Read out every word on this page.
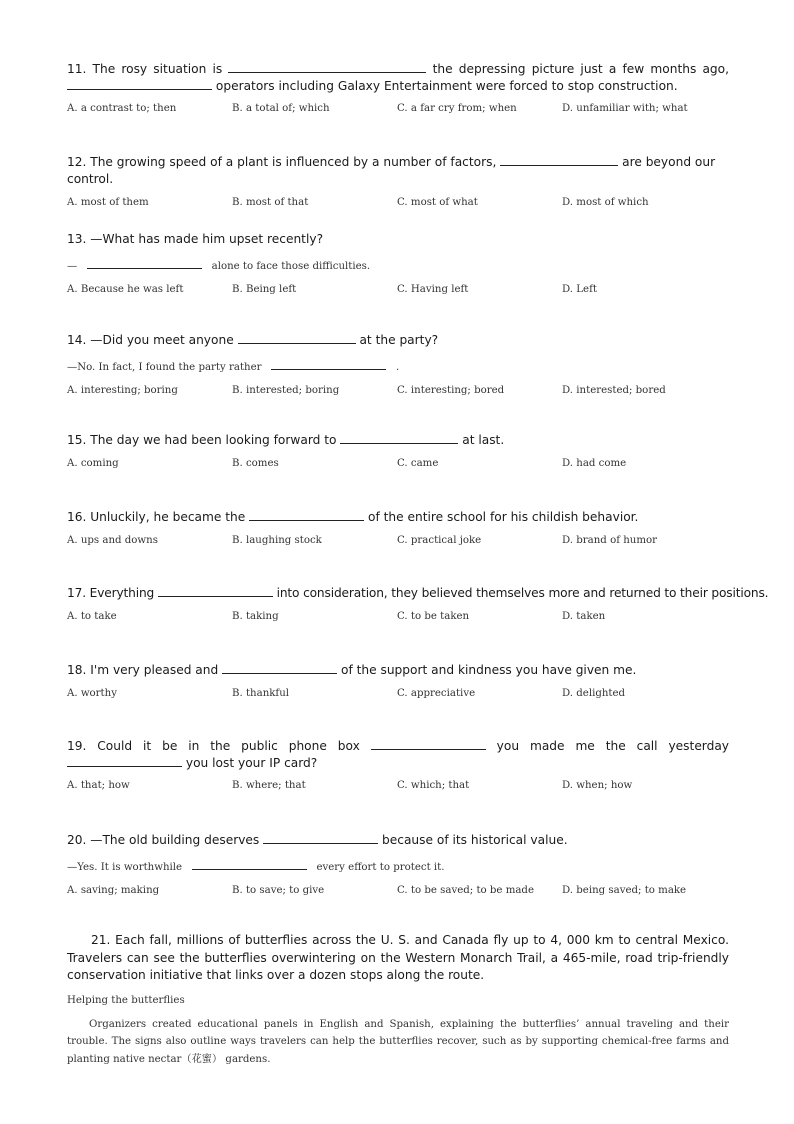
11. The rosy situation is	the depressing picture just a few months ago,  operators including Galaxy Entertainment were forced to stop construction.

A. a contrast to; then	B. a total of; which	C. a far cry from; when	D. unfamiliar with; what

12. The growing speed of a plant is influenced by a number of factors,	are beyond our control.

A. most of them	B. most of that	C. most of what	D. most of which

13. —What has made him upset recently?

—	alone to face those difficulties.

A. Because he was left	B. Being left	C. Having left	D. Left

14. —Did you meet anyone	at the party?

—No. In fact, I found the party rather	.

A. interesting; boring	B. interested; boring	C. interesting; bored	D. interested; bored

15. The day we had been looking forward to	at last.

A. coming	B. comes	C. came	D. had come

16. Unluckily, he became the	of the entire school for his childish behavior.

A. ups and downs	B. laughing stock	C. practical joke	D. brand of humor

17. Everything	into consideration, they believed themselves more and returned to their positions.

A. to take	B. taking	C. to be taken	D. taken

18. I'm very pleased and	of the support and kindness you have given me.

A. worthy	B. thankful	C. appreciative	D. delighted

19. Could it be in the public phone box	you made me the call yesterday  you lost your IP card?

A. that; how	B. where; that	C. which; that	D. when; how

20. —The old building deserves	because of its historical value.

—Yes. It is worthwhile	every effort to protect it.

A. saving; making	B. to save; to give	C. to be saved; to be made	D. being saved; to make

21. Each fall, millions of butterflies across the U. S. and Canada fly up to 4, 000 km to central Mexico. Travelers can see the butterflies overwintering on the Western Monarch Trail, a 465-mile, road trip-friendly conservation initiative that links over a dozen stops along the route.

Helping the butterflies

Organizers created educational panels in English and Spanish, explaining the butterflies’ annual traveling and their trouble. The signs also outline ways travelers can help the butterflies recover, such as by supporting chemical-free farms and planting native nectar（花蜜） gardens.
